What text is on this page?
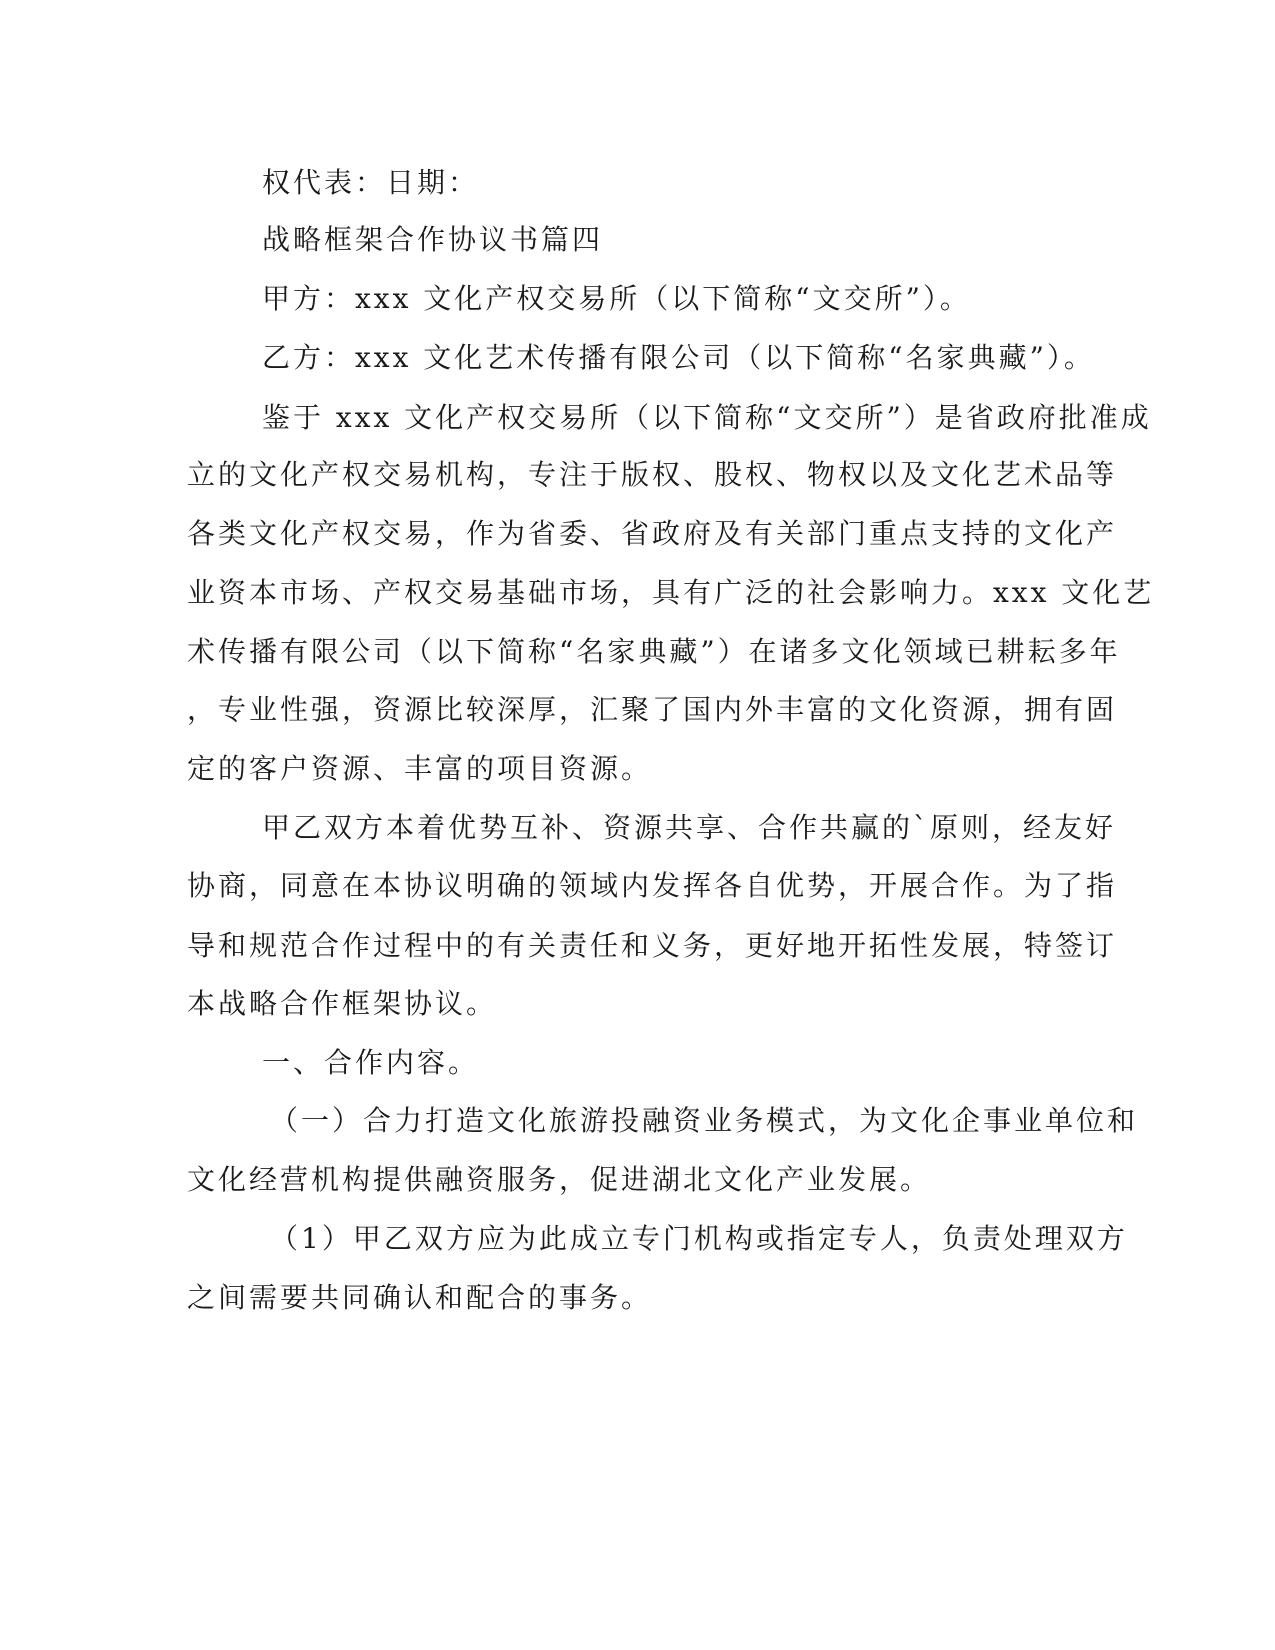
权代表：日期：
战略框架合作协议书篇四
甲方：xxx 文化产权交易所（以下简称“文交所”）。
乙方：xxx 文化艺术传播有限公司（以下简称“名家典藏”）。
鉴于 xxx 文化产权交易所（以下简称“文交所”）是省政府批准成
立的文化产权交易机构，专注于版权、股权、物权以及文化艺术品等
各类文化产权交易，作为省委、省政府及有关部门重点支持的文化产
业资本市场、产权交易基础市场，具有广泛的社会影响力。xxx 文化艺
术传播有限公司（以下简称“名家典藏”）在诸多文化领域已耕耘多年
，专业性强，资源比较深厚，汇聚了国内外丰富的文化资源，拥有固
定的客户资源、丰富的项目资源。
甲乙双方本着优势互补、资源共享、合作共赢的`原则，经友好
协商，同意在本协议明确的领域内发挥各自优势，开展合作。为了指
导和规范合作过程中的有关责任和义务，更好地开拓性发展，特签订
本战略合作框架协议。
一、合作内容。
（一）合力打造文化旅游投融资业务模式，为文化企事业单位和
文化经营机构提供融资服务，促进湖北文化产业发展。
（1）甲乙双方应为此成立专门机构或指定专人，负责处理双方
之间需要共同确认和配合的事务。
